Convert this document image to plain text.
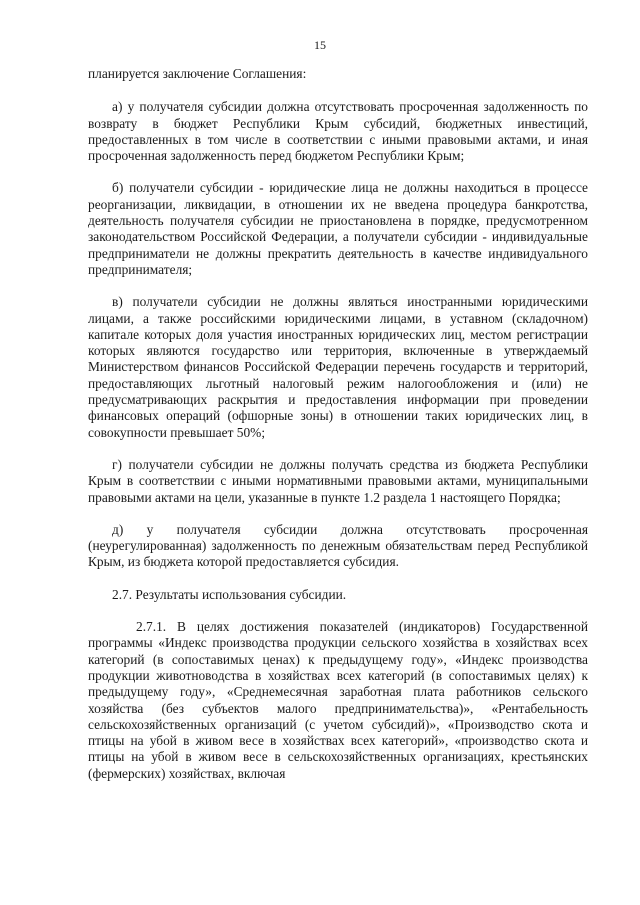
15

планируется заключение Соглашения:

а) у получателя субсидии должна отсутствовать просроченная задолженность по возврату в бюджет Республики Крым субсидий, бюджетных инвестиций, предоставленных в том числе в соответствии с иными правовыми актами, и иная просроченная задолженность перед бюджетом Республики Крым;

б) получатели субсидии - юридические лица не должны находиться в процессе реорганизации, ликвидации, в отношении их не введена процедура банкротства, деятельность получателя субсидии не приостановлена в порядке, предусмотренном законодательством Российской Федерации, а получатели субсидии - индивидуальные предприниматели не должны прекратить деятельность в качестве индивидуального предпринимателя;

в) получатели субсидии не должны являться иностранными юридическими лицами, а также российскими юридическими лицами, в уставном (складочном) капитале которых доля участия иностранных юридических лиц, местом регистрации которых являются государство или территория, включенные в утверждаемый Министерством финансов Российской Федерации перечень государств и территорий, предоставляющих льготный налоговый режим налогообложения и (или) не предусматривающих раскрытия и предоставления информации при проведении финансовых операций (офшорные зоны) в отношении таких юридических лиц, в совокупности превышает 50%;

г) получатели субсидии не должны получать средства из бюджета Республики Крым в соответствии с иными нормативными правовыми актами, муниципальными правовыми актами на цели, указанные в пункте 1.2 раздела 1 настоящего Порядка;

д) у получателя субсидии должна отсутствовать просроченная (неурегулированная) задолженность по денежным обязательствам перед Республикой Крым, из бюджета которой предоставляется субсидия.

2.7. Результаты использования субсидии.

2.7.1. В целях достижения показателей (индикаторов) Государственной программы «Индекс производства продукции сельского хозяйства в хозяйствах всех категорий (в сопоставимых ценах) к предыдущему году», «Индекс производства продукции животноводства в хозяйствах всех категорий (в сопоставимых целях) к предыдущему году», «Среднемесячная заработная плата работников сельского хозяйства (без субъектов малого предпринимательства)», «Рентабельность сельскохозяйственных организаций (с учетом субсидий)», «Производство скота и птицы на убой в живом весе в хозяйствах всех категорий», «производство скота и птицы на убой в живом весе в сельскохозяйственных организациях, крестьянских (фермерских) хозяйствах, включая
